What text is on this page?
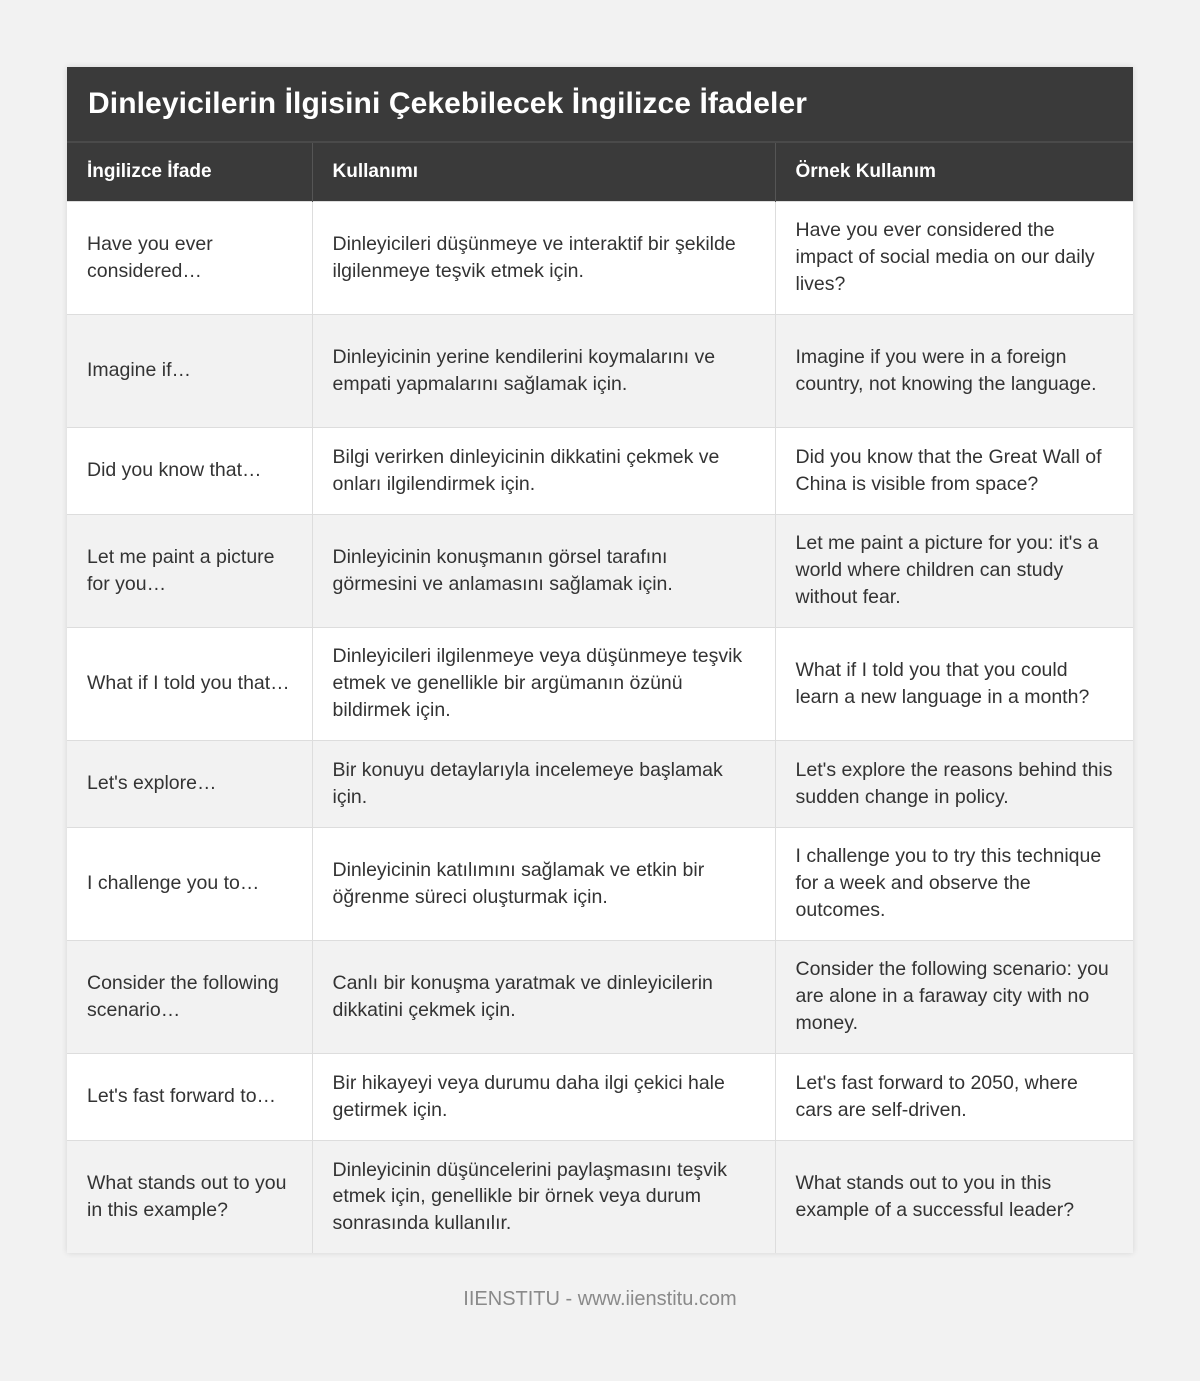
Dinleyicilerin İlgisini Çekebilecek İngilizce İfadeler
İngilizce İfade	Kullanımı	Örnek Kullanım
Have you ever considered…	Dinleyicileri düşünmeye ve interaktif bir şekilde ilgilenmeye teşvik etmek için.	Have you ever considered the impact of social media on our daily lives?
Imagine if…	Dinleyicinin yerine kendilerini koymalarını ve empati yapmalarını sağlamak için.	Imagine if you were in a foreign country, not knowing the language.
Did you know that…	Bilgi verirken dinleyicinin dikkatini çekmek ve onları ilgilendirmek için.	Did you know that the Great Wall of China is visible from space?
Let me paint a picture for you…	Dinleyicinin konuşmanın görsel tarafını görmesini ve anlamasını sağlamak için.	Let me paint a picture for you: it's a world where children can study without fear.
What if I told you that…	Dinleyicileri ilgilenmeye veya düşünmeye teşvik etmek ve genellikle bir argümanın özünü bildirmek için.	What if I told you that you could learn a new language in a month?
Let's explore…	Bir konuyu detaylarıyla incelemeye başlamak için.	Let's explore the reasons behind this sudden change in policy.
I challenge you to…	Dinleyicinin katılımını sağlamak ve etkin bir öğrenme süreci oluşturmak için.	I challenge you to try this technique for a week and observe the outcomes.
Consider the following scenario…	Canlı bir konuşma yaratmak ve dinleyicilerin dikkatini çekmek için.	Consider the following scenario: you are alone in a faraway city with no money.
Let's fast forward to…	Bir hikayeyi veya durumu daha ilgi çekici hale getirmek için.	Let's fast forward to 2050, where cars are self-driven.
What stands out to you in this example?	Dinleyicinin düşüncelerini paylaşmasını teşvik etmek için, genellikle bir örnek veya durum sonrasında kullanılır.	What stands out to you in this example of a successful leader?
IIENSTITU - www.iienstitu.com
